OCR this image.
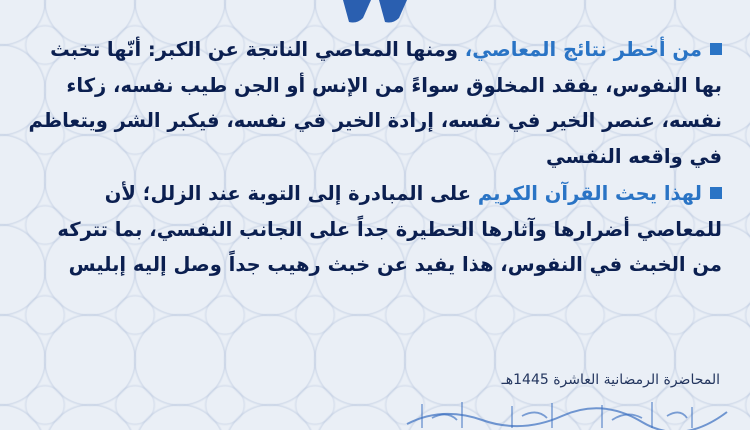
من أخطر نتائج المعاصي، ومنها المعاصي الناتجة عن الكبر: أنّها تخبث بها النفوس، يفقد المخلوق سواءً من الإنس أو الجن طيب نفسه، زكاء نفسه، عنصر الخير في نفسه، إرادة الخير في نفسه، فيكبر الشر ويتعاظم في واقعه النفسي

لهذا يحث القرآن الكريم على المبادرة إلى التوبة عند الزلل؛ لأن للمعاصي أضرارها وآثارها الخطيرة جداً على الجانب النفسي، بما تتركه من الخبث في النفوس، هذا يفيد عن خبث رهيب جداً وصل إليه إبليس

المحاضرة الرمضانية العاشرة 1445هـ
